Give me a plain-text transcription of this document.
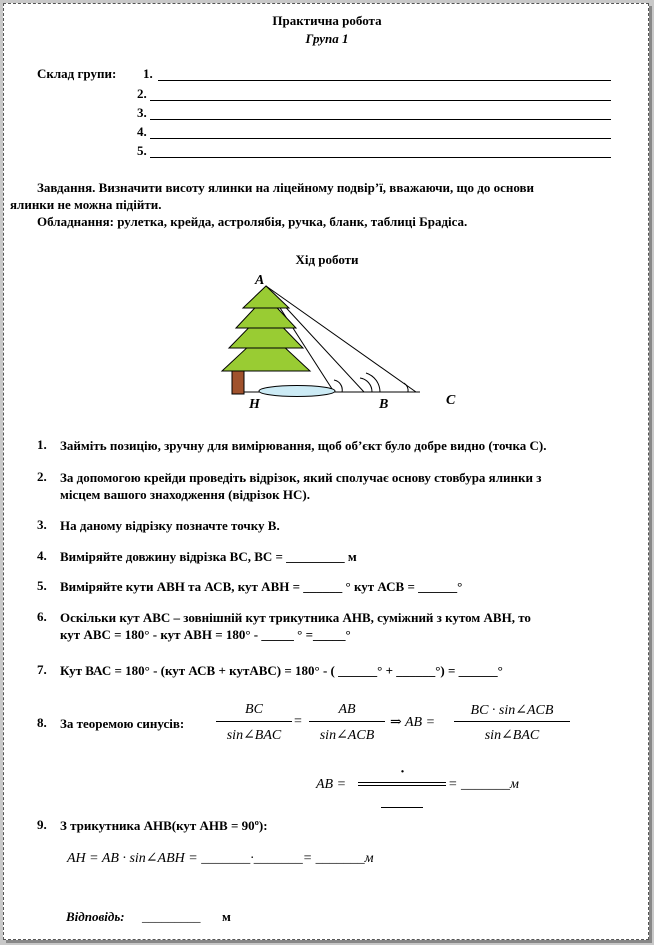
Практична робота
Група 1
Склад групи: 1.
2.
3.
4.
5.
Завдання. Визначити висоту ялинки на ліцейному подвір’ї, вважаючи, що до основи
ялинки не можна підійти.
Обладнання: рулетка, крейда, астролябія, ручка, бланк, таблиці Брадіса.
Хід роботи
A
H	B	C
1. Займіть позицію, зручну для вимірювання, щоб об’єкт було добре видно (точка C).
2. За допомогою крейди проведіть відрізок, який сполучає основу стовбура ялинки з
місцем вашого знаходження (відрізок НС).
3. На даному відрізку позначте точку В.
4. Виміряйте довжину відрізка ВС, ВС = _________ м
5. Виміряйте кути АВН та АСВ, кут АВН = ______ ° кут АСВ = ______°
6. Оскільки кут АВС – зовнішній кут трикутника АНВ, суміжний з кутом АВН, то
кут АВС = 180° - кут АВН = 180° - _____ ° =_____°
7. Кут ВАС = 180° - (кут АСВ + кутАВС) = 180° - ( ______° + ______°) = ______°
8. За теоремою синусів:
BC
sin∠BAC
=
AB
sin∠ACB
⇒ AB =
BC · sin∠ACB
sin∠BAC
AB =
·
= _______м
9. З трикутника АНВ(кут АНВ = 90º):
AH = AB · sin∠ABH = _______·_______= _______м
Відповідь: _________ м
